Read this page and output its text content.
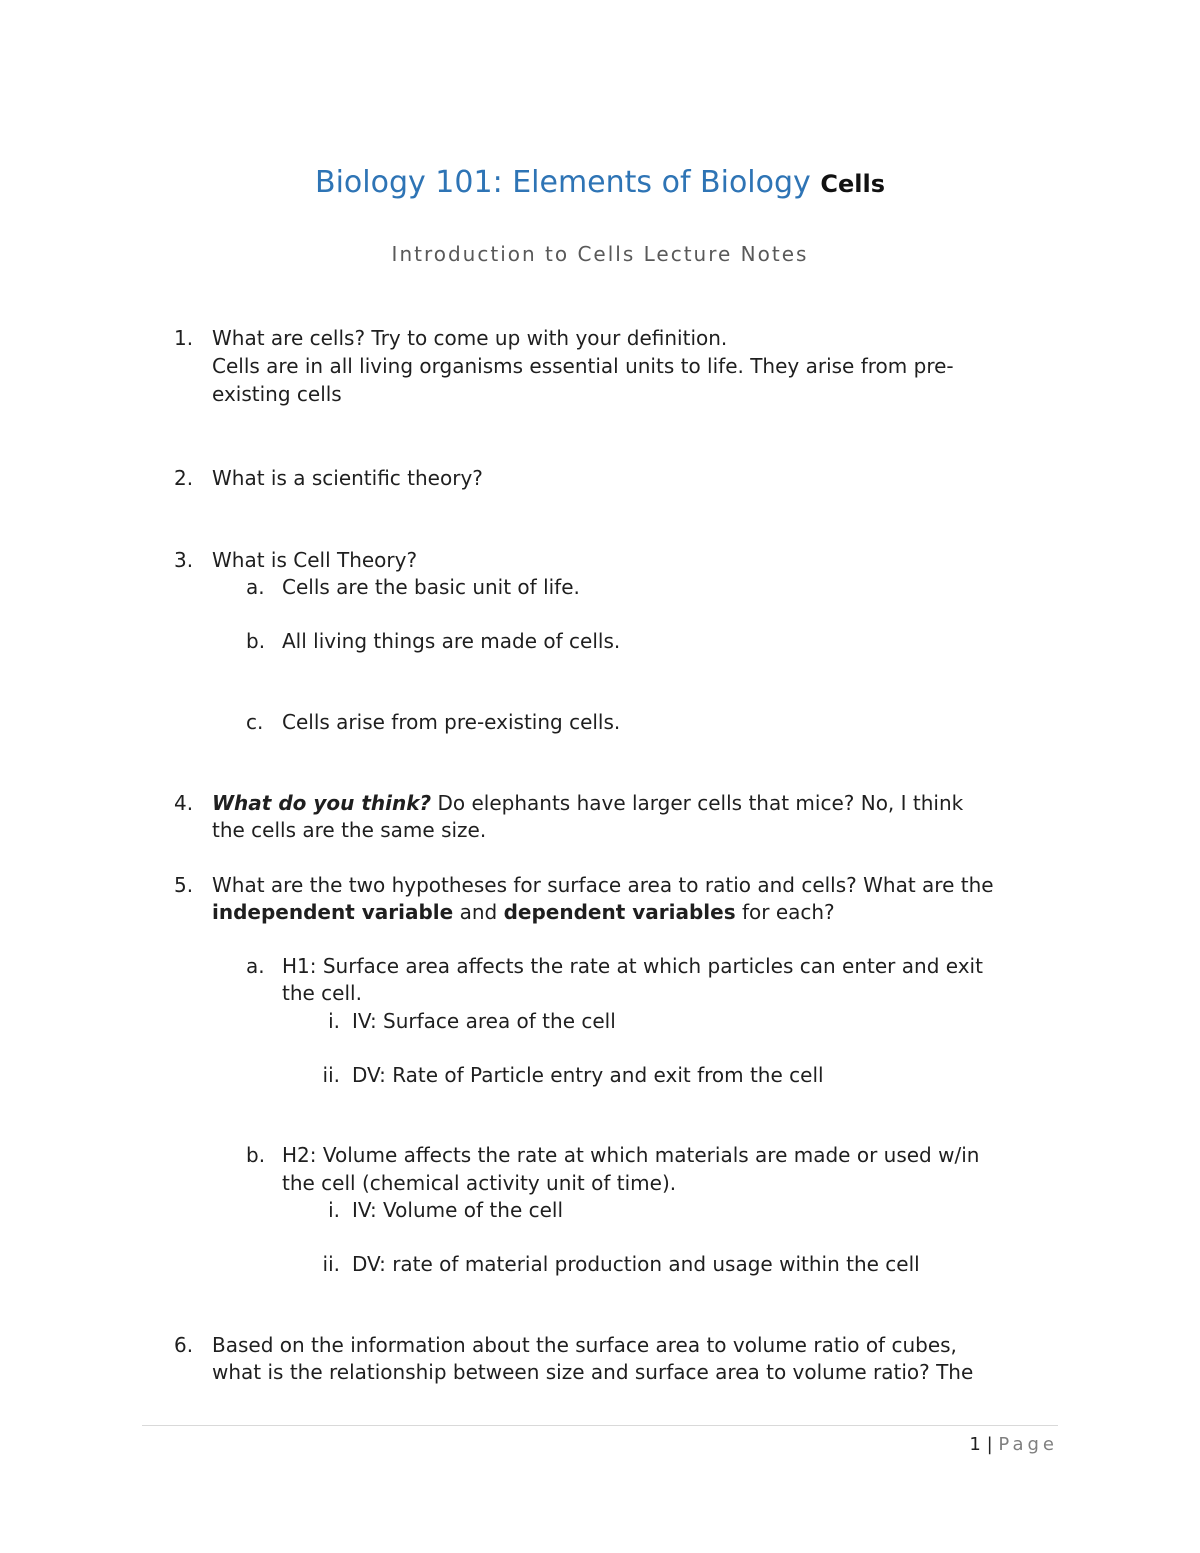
Biology 101: Elements of Biology Cells
Introduction to Cells Lecture Notes
1. What are cells? Try to come up with your definition.
Cells are in all living organisms essential units to life. They arise from pre-
existing cells
2. What is a scientific theory?
3. What is Cell Theory?
a. Cells are the basic unit of life.
b. All living things are made of cells.
c. Cells arise from pre-existing cells.
4. What do you think? Do elephants have larger cells that mice? No, I think
the cells are the same size.
5. What are the two hypotheses for surface area to ratio and cells? What are the
independent variable and dependent variables for each?
a. H1: Surface area affects the rate at which particles can enter and exit
the cell.
i. IV: Surface area of the cell
ii. DV: Rate of Particle entry and exit from the cell
b. H2: Volume affects the rate at which materials are made or used w/in
the cell (chemical activity unit of time).
i. IV: Volume of the cell
ii. DV: rate of material production and usage within the cell
6. Based on the information about the surface area to volume ratio of cubes,
what is the relationship between size and surface area to volume ratio? The
1 | Page
